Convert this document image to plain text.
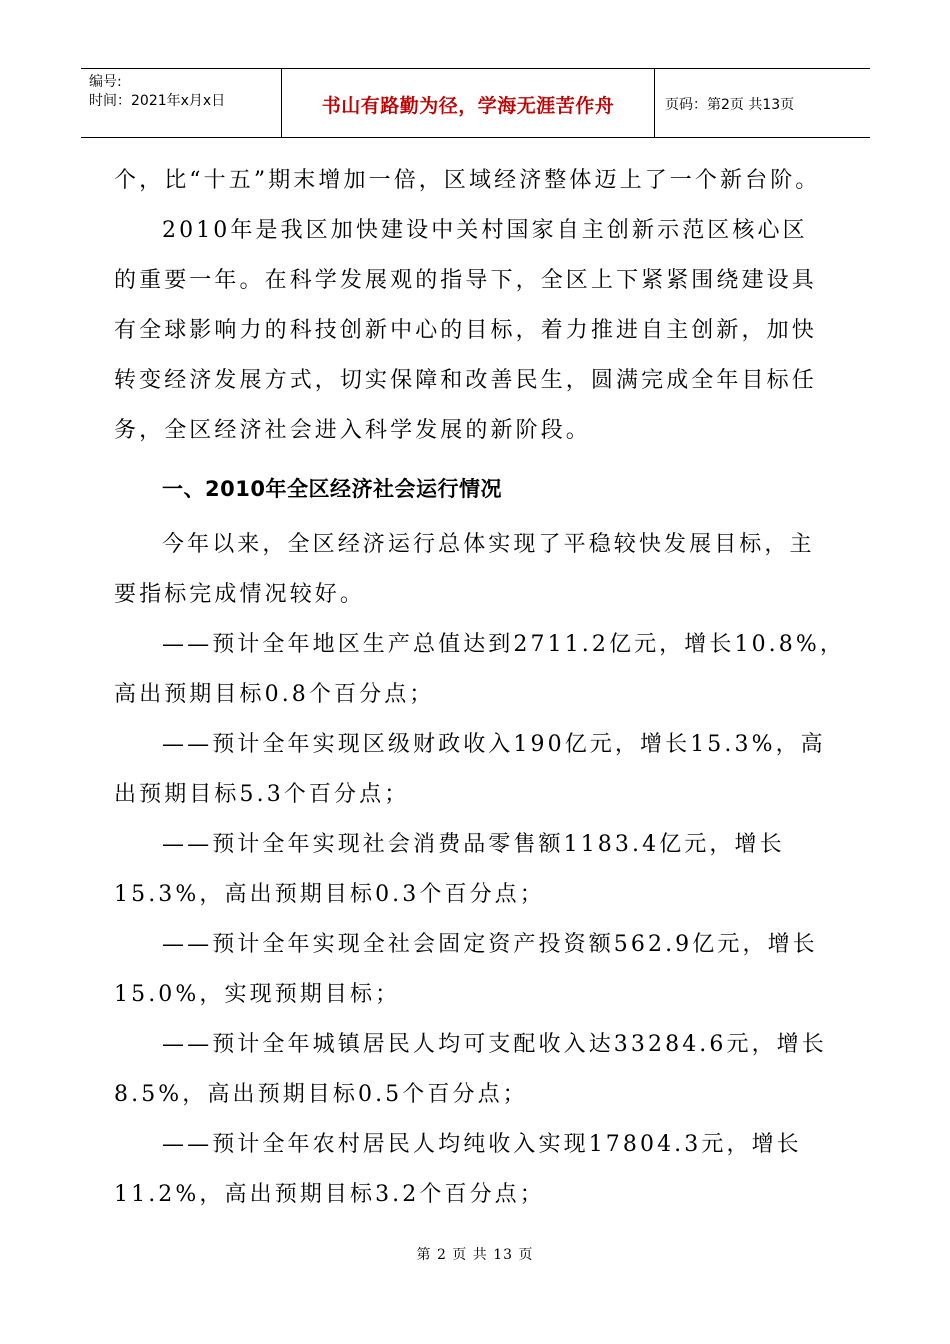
编号:
时间：2021年x月x日	书山有路勤为径，学海无涯苦作舟	页码：第2页 共13页

个，比“十五”期末增加一倍，区域经济整体迈上了一个新台阶。

2010年是我区加快建设中关村国家自主创新示范区核心区

的重要一年。在科学发展观的指导下，全区上下紧紧围绕建设具

有全球影响力的科技创新中心的目标，着力推进自主创新，加快

转变经济发展方式，切实保障和改善民生，圆满完成全年目标任

务，全区经济社会进入科学发展的新阶段。

一、2010年全区经济社会运行情况

今年以来，全区经济运行总体实现了平稳较快发展目标，主

要指标完成情况较好。

——预计全年地区生产总值达到2711.2亿元，增长10.8%，

高出预期目标0.8个百分点；

——预计全年实现区级财政收入190亿元，增长15.3%，高

出预期目标5.3个百分点；

——预计全年实现社会消费品零售额1183.4亿元，增长

15.3%，高出预期目标0.3个百分点；

——预计全年实现全社会固定资产投资额562.9亿元，增长

15.0%，实现预期目标；

——预计全年城镇居民人均可支配收入达33284.6元，增长

8.5%，高出预期目标0.5个百分点；

——预计全年农村居民人均纯收入实现17804.3元，增长

11.2%，高出预期目标3.2个百分点；

第 2 页 共 13 页
